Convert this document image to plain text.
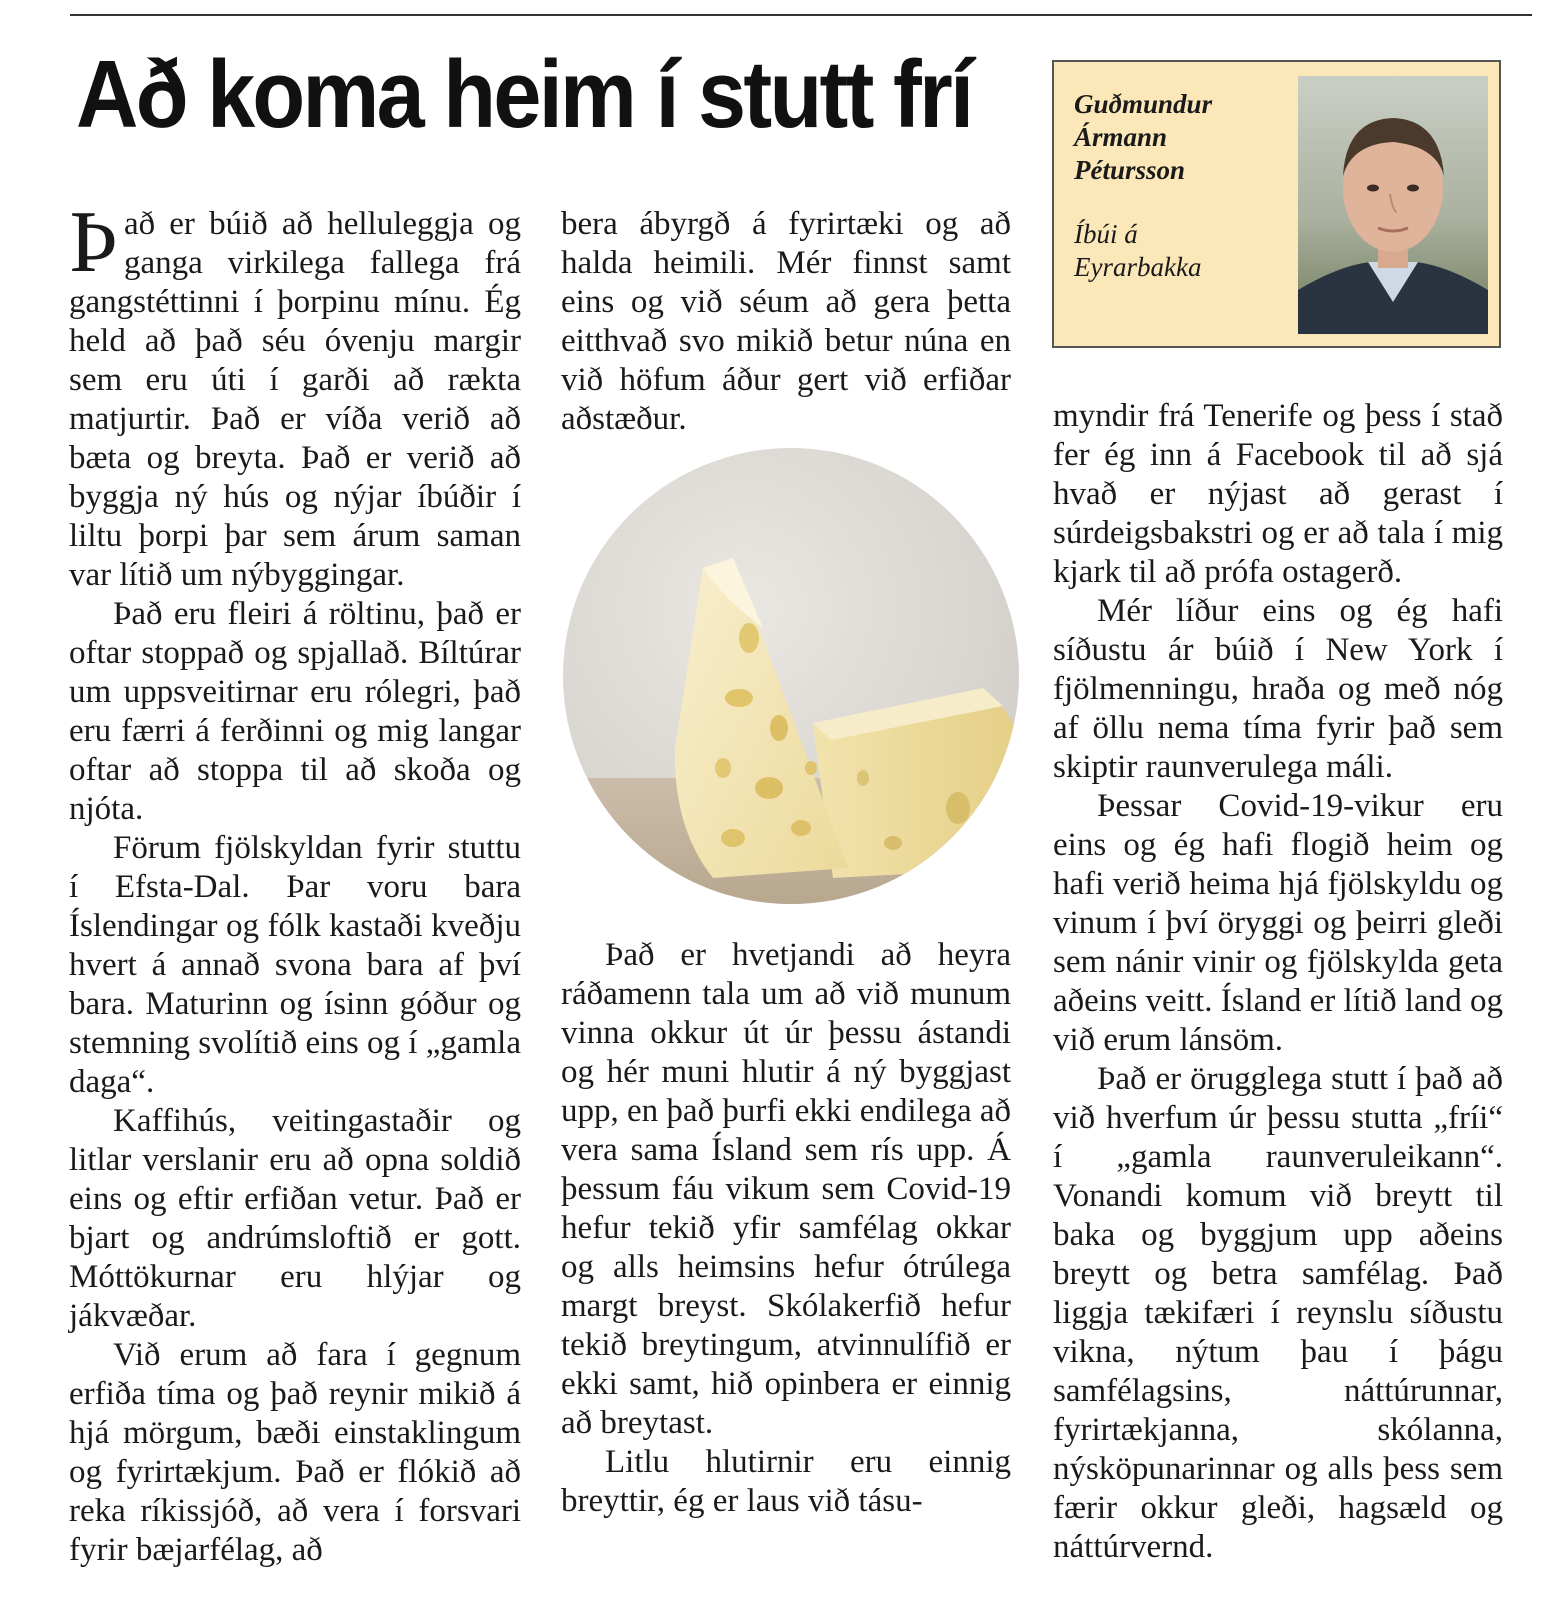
Að koma heim í stutt frí	Guðmundur
Ármann
Pétursson
Íbúi á
Eyrarbakka

Það er búið að helluleggja og ganga virkilega fallega frá gangstéttinni í þorpinu mínu. Ég held að það séu óvenju margir sem eru úti í garði að rækta matjurtir. Það er víða verið að bæta og breyta. Það er verið að byggja ný hús og nýjar íbúðir í liltu þorpi þar sem árum saman var lítið um nýbyggingar.

Það eru fleiri á röltinu, það er oftar stoppað og spjallað. Bíltúrar um uppsveitirnar eru rólegri, það eru færri á ferðinni og mig langar oftar að stoppa til að skoða og njóta.

Förum fjölskyldan fyrir stuttu í Efsta-Dal. Þar voru bara Íslendingar og fólk kastaði kveðju hvert á annað svona bara af því bara. Maturinn og ísinn góður og stemning svolítið eins og í „gamla daga“.

Kaffihús, veitingastaðir og litlar verslanir eru að opna soldið eins og eftir erfiðan vetur. Það er bjart og andrúmsloftið er gott. Móttökurnar eru hlýjar og jákvæðar.

Við erum að fara í gegnum erfiða tíma og það reynir mikið á hjá mörgum, bæði einstaklingum og fyrirtækjum. Það er flókið að reka ríkissjóð, að vera í forsvari fyrir bæjarfélag, að

bera ábyrgð á fyrirtæki og að halda heimili. Mér finnst samt eins og við séum að gera þetta eitthvað svo mikið betur núna en við höfum áður gert við erfiðar aðstæður.

Það er hvetjandi að heyra ráðamenn tala um að við munum vinna okkur út úr þessu ástandi og hér muni hlutir á ný byggjast upp, en það þurfi ekki endilega að vera sama Ísland sem rís upp. Á þessum fáu vikum sem Covid-19 hefur tekið yfir samfélag okkar og alls heimsins hefur ótrúlega margt breyst. Skólakerfið hefur tekið breytingum, atvinnulífið er ekki samt, hið opinbera er einnig að breytast.

Litlu hlutirnir eru einnig breyttir, ég er laus við tásu-

myndir frá Tenerife og þess í stað fer ég inn á Facebook til að sjá hvað er nýjast að gerast í súrdeigsbakstri og er að tala í mig kjark til að prófa ostagerð.

Mér líður eins og ég hafi síðustu ár búið í New York í fjölmenningu, hraða og með nóg af öllu nema tíma fyrir það sem skiptir raunverulega máli.

Þessar Covid-19-vikur eru eins og ég hafi flogið heim og hafi verið heima hjá fjölskyldu og vinum í því öryggi og þeirri gleði sem nánir vinir og fjölskylda geta aðeins veitt. Ísland er lítið land og við erum lánsöm.

Það er örugglega stutt í það að við hverfum úr þessu stutta „fríi“ í „gamla raunveruleikann“. Vonandi komum við breytt til baka og byggjum upp aðeins breytt og betra samfélag. Það liggja tækifæri í reynslu síðustu vikna, nýtum þau í þágu samfélagsins, náttúrunnar, fyrirtækjanna, skólanna, nýsköpunarinnar og alls þess sem færir okkur gleði, hagsæld og náttúrvernd.
